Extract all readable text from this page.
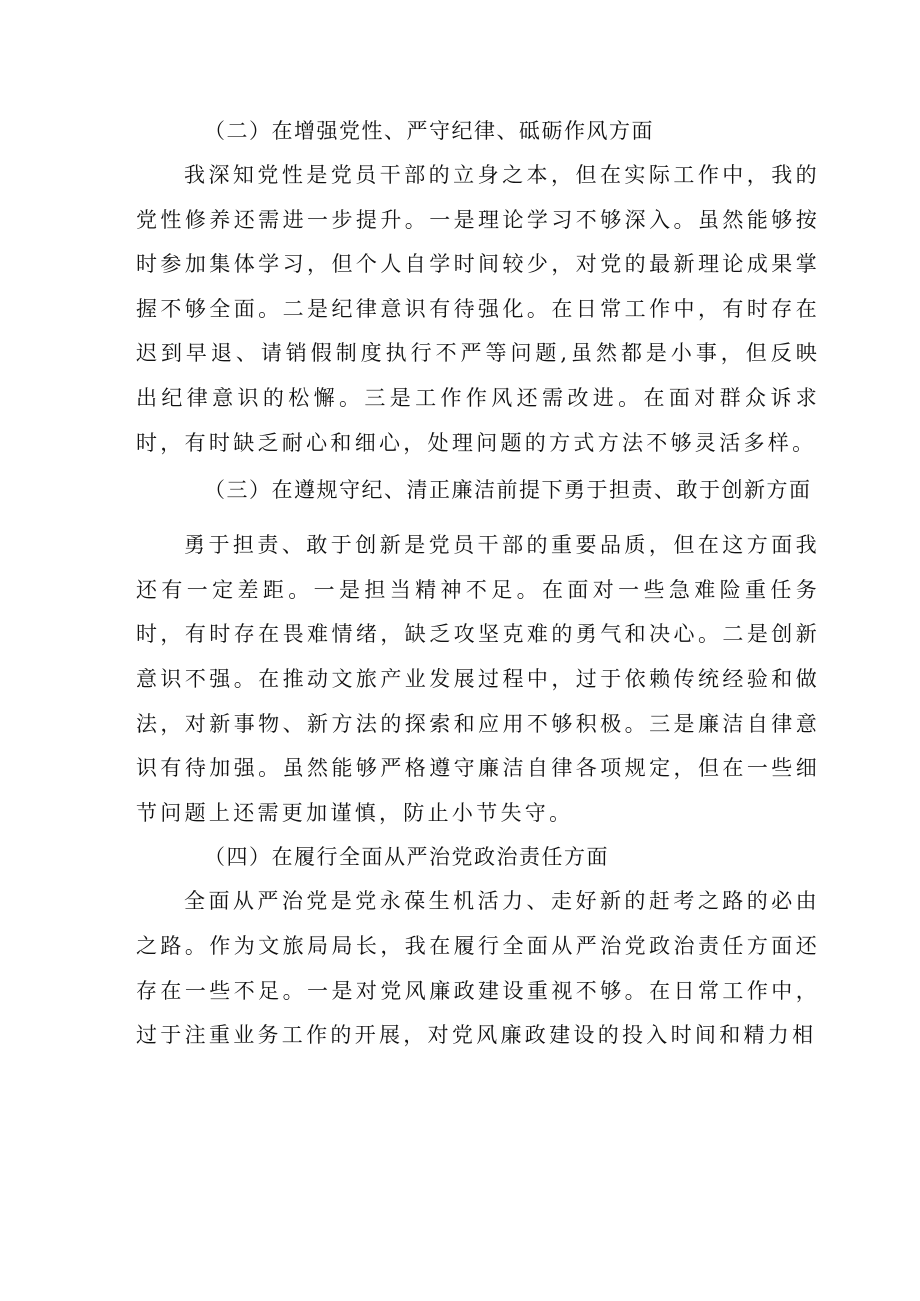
（二）在增强党性、严守纪律、砥砺作风方面

我深知党性是党员干部的立身之本，但在实际工作中，我的党性修养还需进一步提升。一是理论学习不够深入。虽然能够按时参加集体学习，但个人自学时间较少，对党的最新理论成果掌握不够全面。二是纪律意识有待强化。在日常工作中，有时存在迟到早退、请销假制度执行不严等问题,虽然都是小事，但反映出纪律意识的松懈。三是工作作风还需改进。在面对群众诉求时，有时缺乏耐心和细心，处理问题的方式方法不够灵活多样。

（三）在遵规守纪、清正廉洁前提下勇于担责、敢于创新方面

勇于担责、敢于创新是党员干部的重要品质，但在这方面我还有一定差距。一是担当精神不足。在面对一些急难险重任务时，有时存在畏难情绪，缺乏攻坚克难的勇气和决心。二是创新意识不强。在推动文旅产业发展过程中，过于依赖传统经验和做法，对新事物、新方法的探索和应用不够积极。三是廉洁自律意识有待加强。虽然能够严格遵守廉洁自律各项规定，但在一些细节问题上还需更加谨慎，防止小节失守。

（四）在履行全面从严治党政治责任方面

全面从严治党是党永葆生机活力、走好新的赶考之路的必由之路。作为文旅局局长，我在履行全面从严治党政治责任方面还存在一些不足。一是对党风廉政建设重视不够。在日常工作中，过于注重业务工作的开展，对党风廉政建设的投入时间和精力相
